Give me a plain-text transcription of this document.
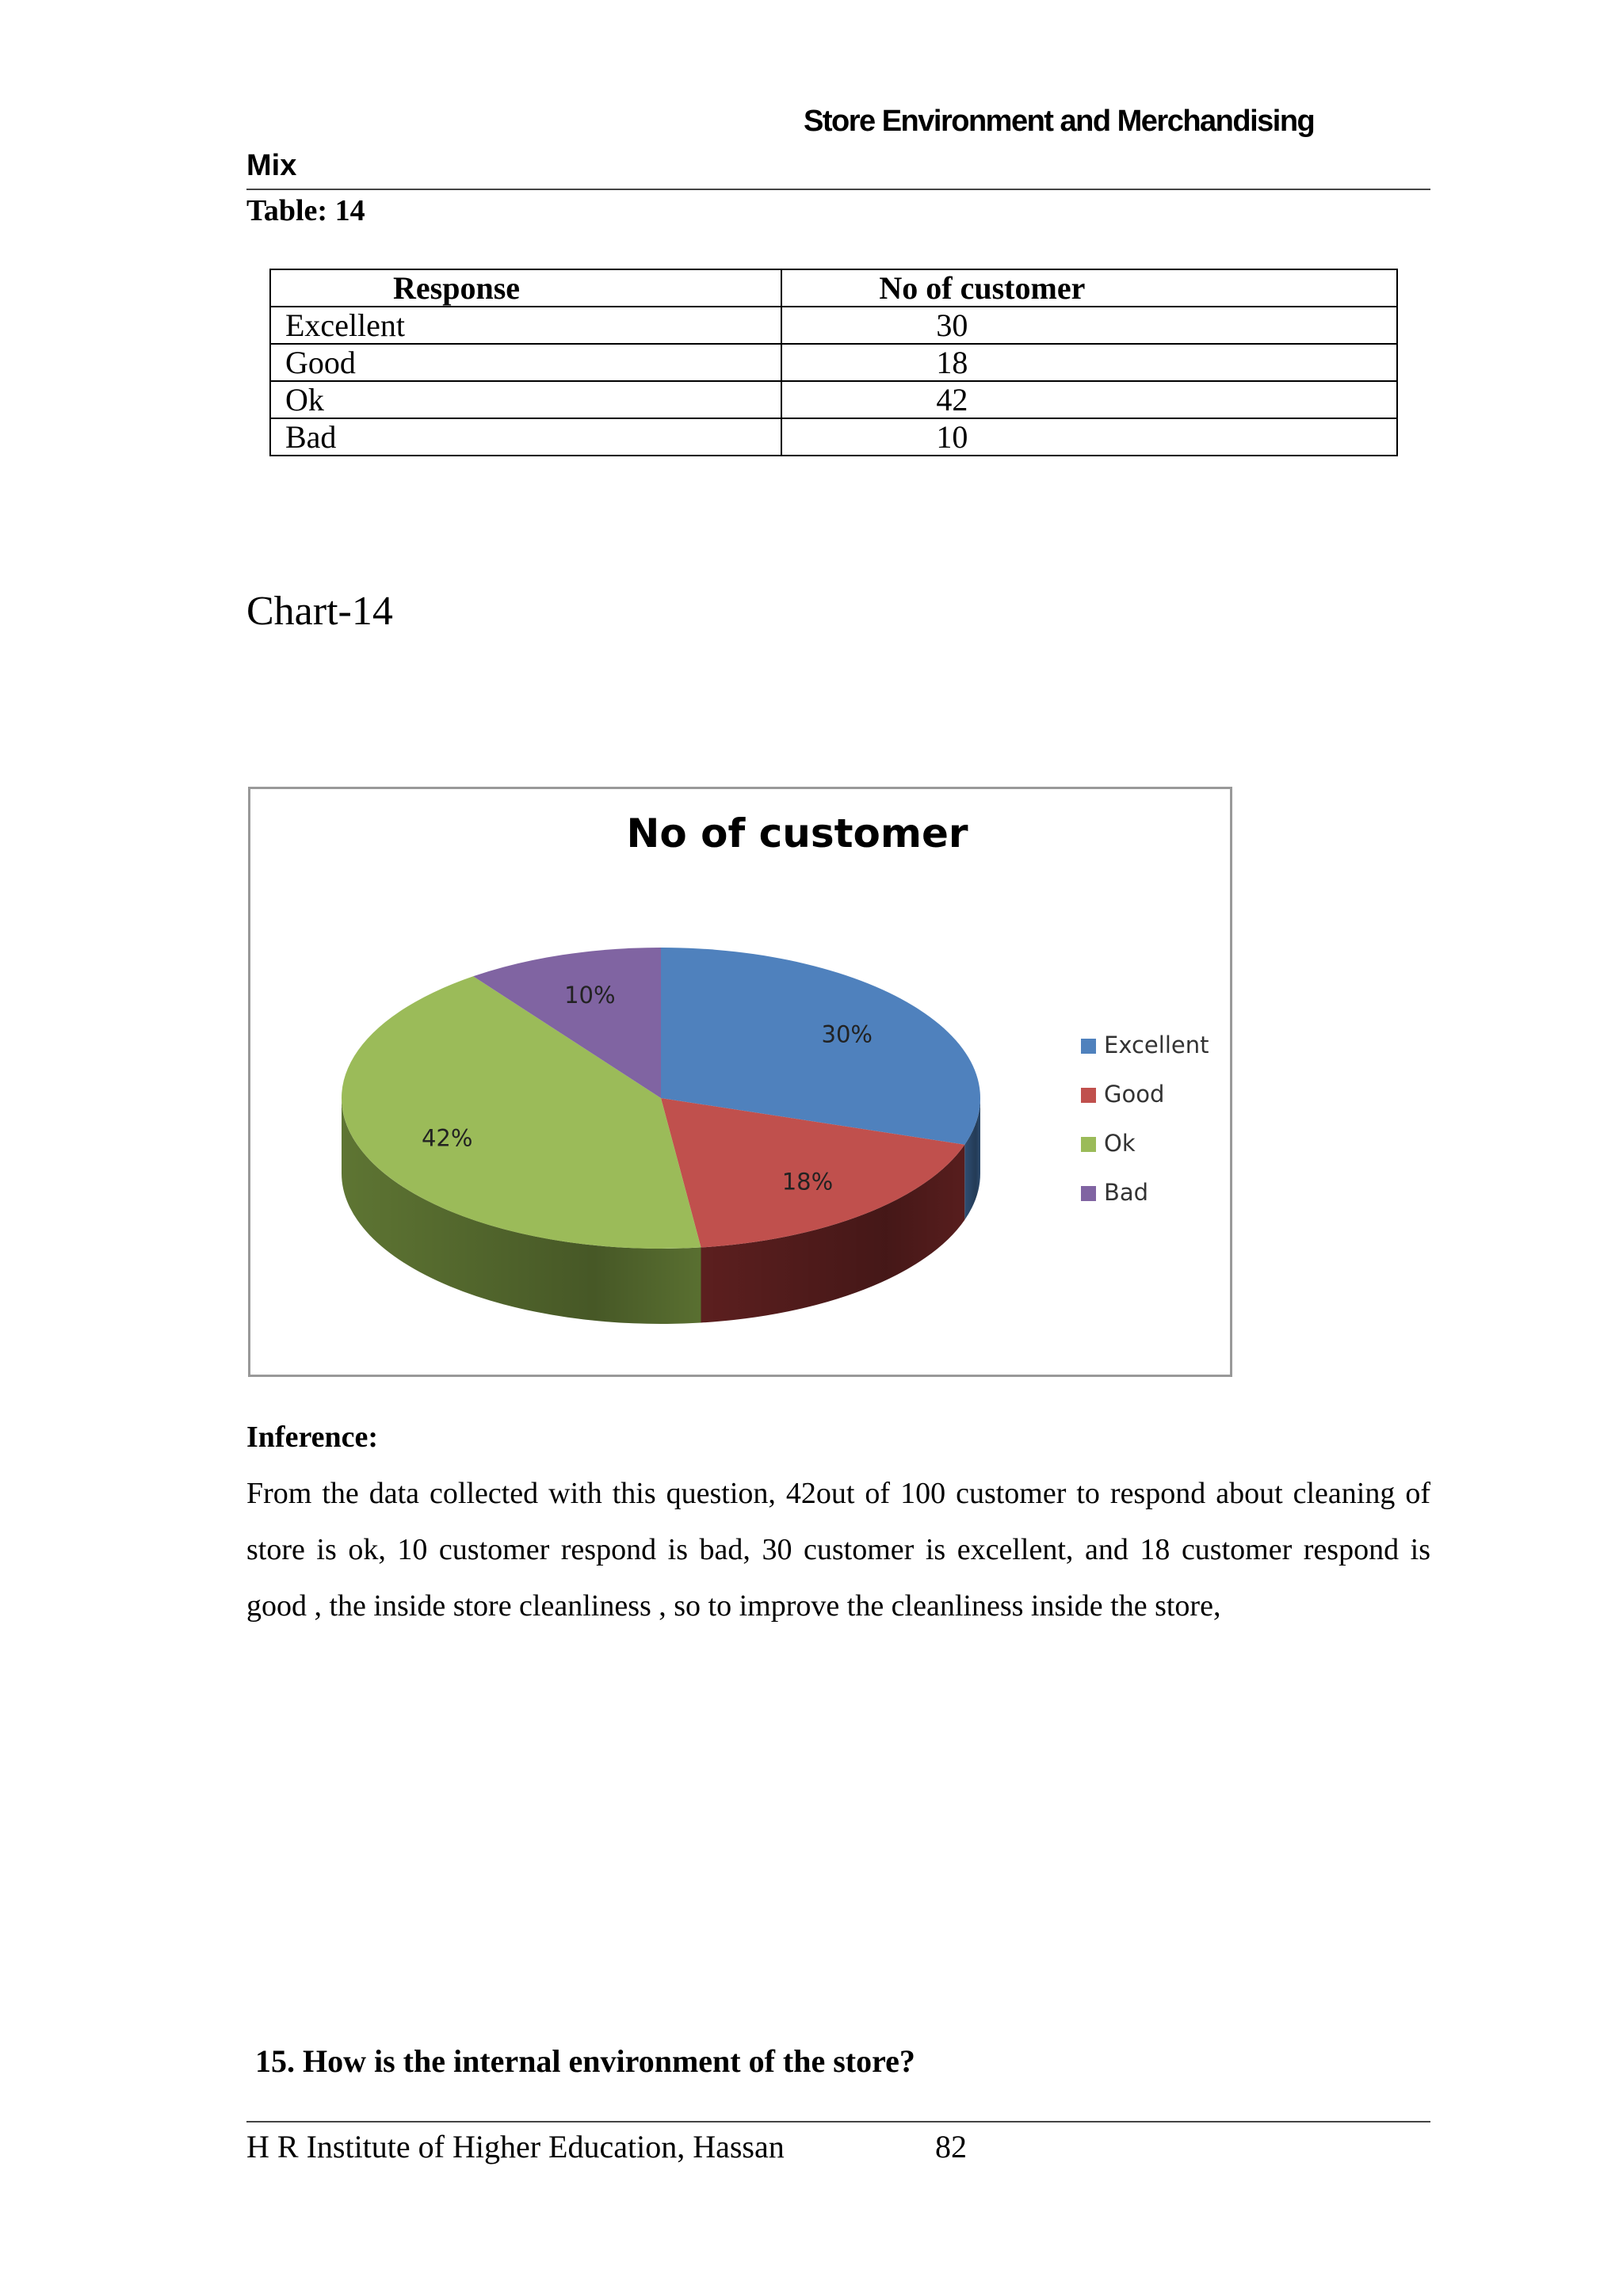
Store Environment and Merchandising
Mix
Table: 14
Response	No of customer
Excellent	30
Good	18
Ok	42
Bad	10
Chart-14
No of customer
30%
18%
42%
10%
Excellent
Good
Ok
Bad
Inference:
From the data collected with this question, 42out of 100 customer to respond about cleaning of store is ok, 10 customer respond is bad, 30 customer is excellent, and 18 customer respond is good , the inside store cleanliness , so to improve the cleanliness inside the store,
15. How is the internal environment of the store?
H R Institute of Higher Education, Hassan	82
